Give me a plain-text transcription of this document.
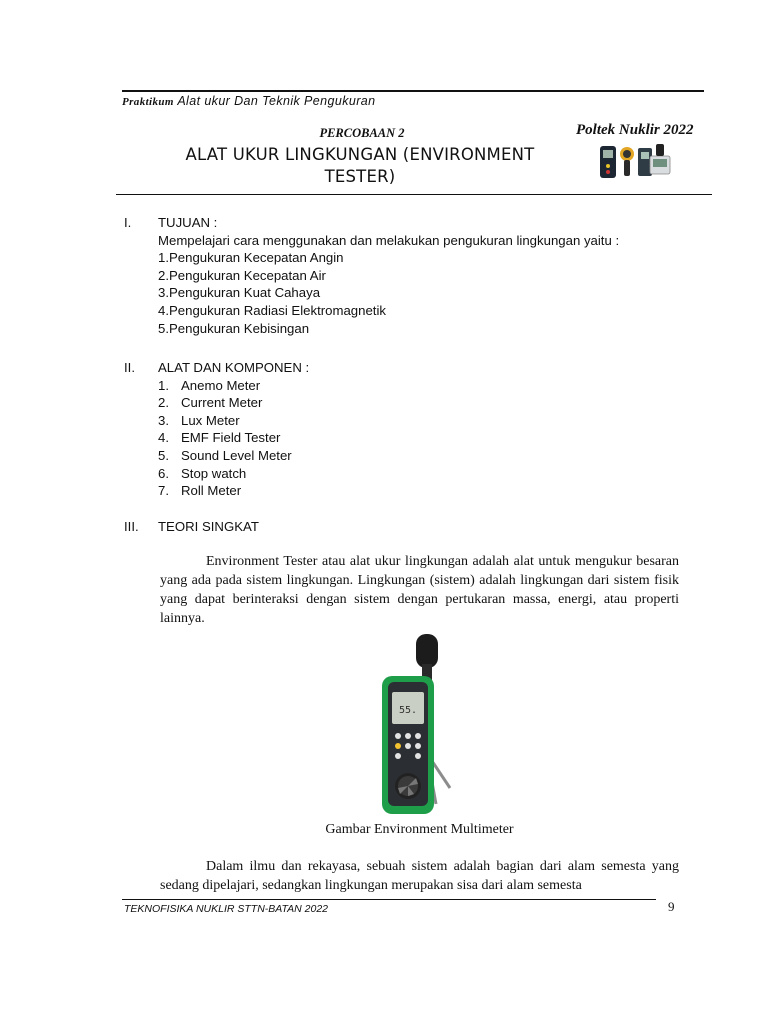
Praktikum Alat ukur Dan Teknik Pengukuran
PERCOBAAN 2	Poltek Nuklir 2022
ALAT UKUR LINGKUNGAN (ENVIRONMENT
TESTER)
I. TUJUAN :
Mempelajari cara menggunakan dan melakukan pengukuran lingkungan yaitu :
1.Pengukuran Kecepatan Angin
2.Pengukuran Kecepatan Air
3.Pengukuran Kuat Cahaya
4.Pengukuran Radiasi Elektromagnetik
5.Pengukuran Kebisingan
II. ALAT DAN KOMPONEN :
1. Anemo Meter
2. Current Meter
3. Lux Meter
4. EMF Field Tester
5. Sound Level Meter
6. Stop watch
7. Roll Meter
III. TEORI SINGKAT

Environment Tester atau alat ukur lingkungan adalah alat untuk mengukur besaran yang ada pada sistem lingkungan. Lingkungan (sistem) adalah lingkungan dari sistem fisik yang dapat berinteraksi dengan sistem dengan pertukaran massa, energi, atau properti lainnya.

55.
Gambar Environment Multimeter

Dalam ilmu dan rekayasa, sebuah sistem adalah bagian dari alam semesta yang sedang dipelajari, sedangkan lingkungan merupakan sisa dari alam semesta

TEKNOFISIKA NUKLIR STTN-BATAN 2022	9
